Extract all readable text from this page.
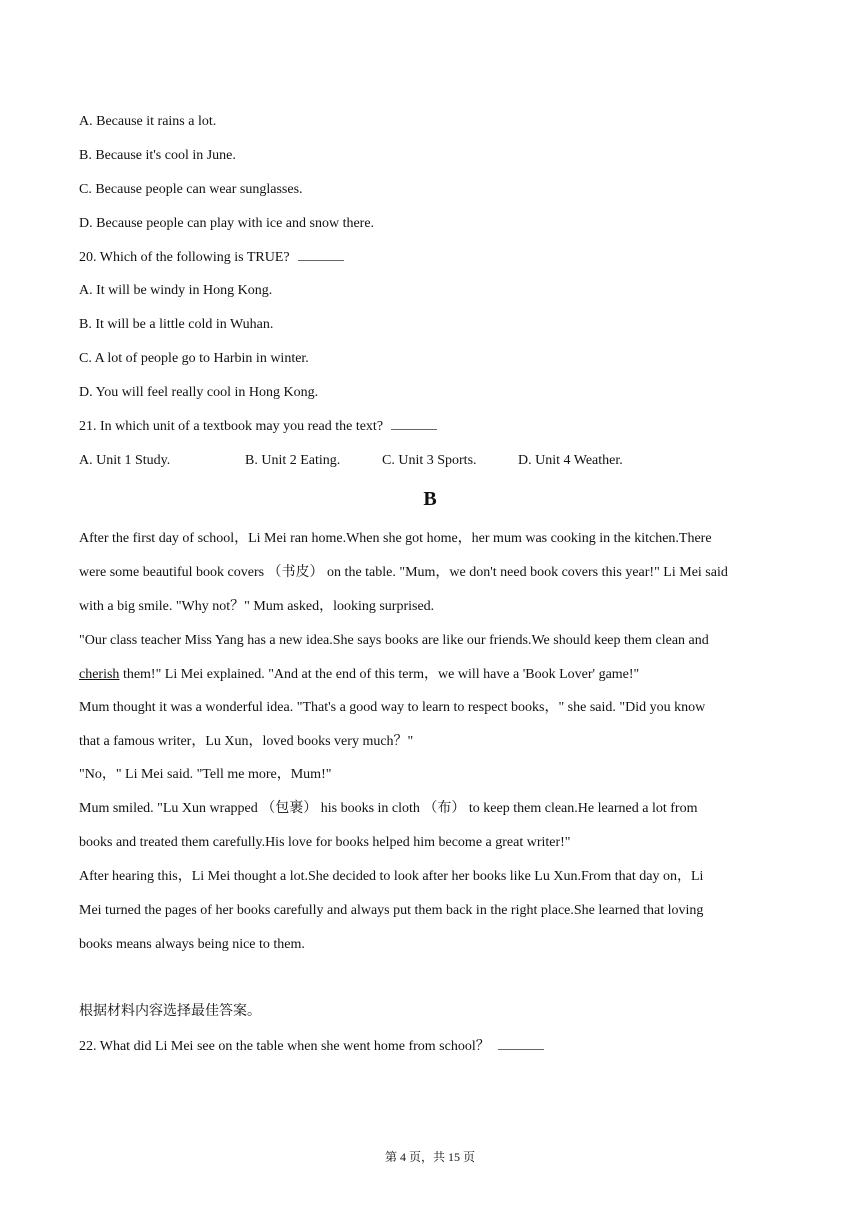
A. Because it rains a lot.
B. Because it's cool in June.
C. Because people can wear sunglasses.
D. Because people can play with ice and snow there.
20. Which of the following is TRUE?
A. It will be windy in Hong Kong.
B. It will be a little cold in Wuhan.
C. A lot of people go to Harbin in winter.
D. You will feel really cool in Hong Kong.
21. In which unit of a textbook may you read the text?
A. Unit 1 Study.	B. Unit 2 Eating.	C. Unit 3 Sports.	D. Unit 4 Weather.
B
After the first day of school，Li Mei ran home.When she got home，her mum was cooking in the kitchen.There
were some beautiful book covers （书皮） on the table. "Mum，we don't need book covers this year!" Li Mei said
with a big smile. "Why not？" Mum asked，looking surprised.
"Our class teacher Miss Yang has a new idea.She says books are like our friends.We should keep them clean and
cherish them!" Li Mei explained. "And at the end of this term，we will have a 'Book Lover' game!"
Mum thought it was a wonderful idea. "That's a good way to learn to respect books，" she said. "Did you know
that a famous writer，Lu Xun，loved books very much？"
"No，" Li Mei said. "Tell me more，Mum!"
Mum smiled. "Lu Xun wrapped （包裹） his books in cloth （布） to keep them clean.He learned a lot from
books and treated them carefully.His love for books helped him become a great writer!"
After hearing this，Li Mei thought a lot.She decided to look after her books like Lu Xun.From that day on，Li
Mei turned the pages of her books carefully and always put them back in the right place.She learned that loving
books means always being nice to them.
根据材料内容选择最佳答案。
22. What did Li Mei see on the table when she went home from school？
第 4 页，共 15 页
